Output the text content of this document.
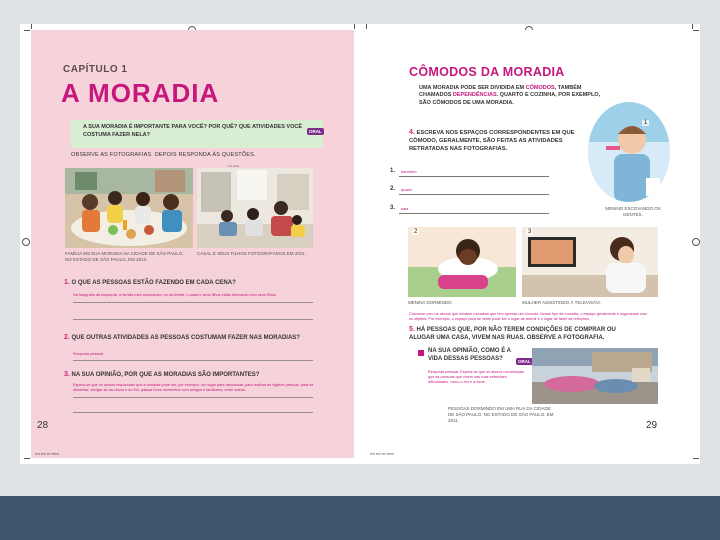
CAPÍTULO 1
A MORADIA
A SUA MORADIA É IMPORTANTE PARA VOCÊ? POR QUÊ? QUE ATIVIDADES VOCÊ COSTUMA FAZER NELA?
ORAL
OBSERVE AS FOTOGRAFIAS. DEPOIS RESPONDA ÀS QUESTÕES.
▪ ▪▪▪ ▪▪▪▪▪▪
FAMÍLIA EM SUA MORADIA NA CIDADE DE SÃO PAULO, NO ESTADO DE SÃO PAULO, EM 2013.
CASAL E SEUS FILHOS FOTOGRAFADOS EM 2011.
1. O QUE AS PESSOAS ESTÃO FAZENDO EM CADA CENA?
Na fotografia da esquerda, a família está almoçando; na da direita, o casal e seus filhos estão brincando com seus filhos.
2. QUE OUTRAS ATIVIDADES AS PESSOAS COSTUMAM FAZER NAS MORADIAS?
Resposta pessoal.
3. NA SUA OPINIÃO, POR QUE AS MORADIAS SÃO IMPORTANTES?
Espera-se que os alunos respondam que a moradia pode ser, por exemplo, um lugar para descansar, para realizar as higiene pessoal, para se alimentar, abrigar-se da chuva e do frio, passar bons momentos com amigos e familiares, entre outras.
28
▪▪▪▪ ▪▪▪▪ ▪▪▪ ▪▪▪▪▪▪
CÔMODOS DA MORADIA
UMA MORADIA PODE SER DIVIDIDA EM CÔMODOS, TAMBÉM CHAMADOS DEPENDÊNCIAS. QUARTO E COZINHA, POR EXEMPLO, SÃO CÔMODOS DE UMA MORADIA.
4. ESCREVA NOS ESPAÇOS CORRESPONDENTES EM QUE CÔMODO, GERALMENTE, SÃO FEITAS AS ATIVIDADES RETRATADAS NAS FOTOGRAFIAS.
1. banheiro
2. quarto
3. sala
1
MENINO ESCOVANDO OS DENTES.
2
MENINA DORMINDO.
3
MULHER ASSISTINDO À TELEVISÃO.
Converse com os alunos que existem moradias que têm apenas um cômodo. Nesse tipo de moradia, o espaço geralmente é organizado com os objetos. Por exemplo, o espaço para se vestir pode ser o lugar de dormir e o lugar de fazer as refeições.
5. HÁ PESSOAS QUE, POR NÃO TEREM CONDIÇÕES DE COMPRAR OU ALUGAR UMA CASA, VIVEM NAS RUAS. OBSERVE A FOTOGRAFIA.
NA SUA OPINIÃO, COMO É A VIDA DESSAS PESSOAS?	ORAL
Resposta pessoal. Espera-se que os alunos reconheçam que as pessoas que vivem nas ruas enfrentam dificuldades, como o frio e a fome.
PESSOAS DORMINDO EM UMA RUA DA CIDADE DE SÃO PAULO, NO ESTADO DE SÃO PAULO, EM 2011.	29
▪▪▪▪ ▪▪▪▪ ▪▪▪ ▪▪▪▪▪▪
